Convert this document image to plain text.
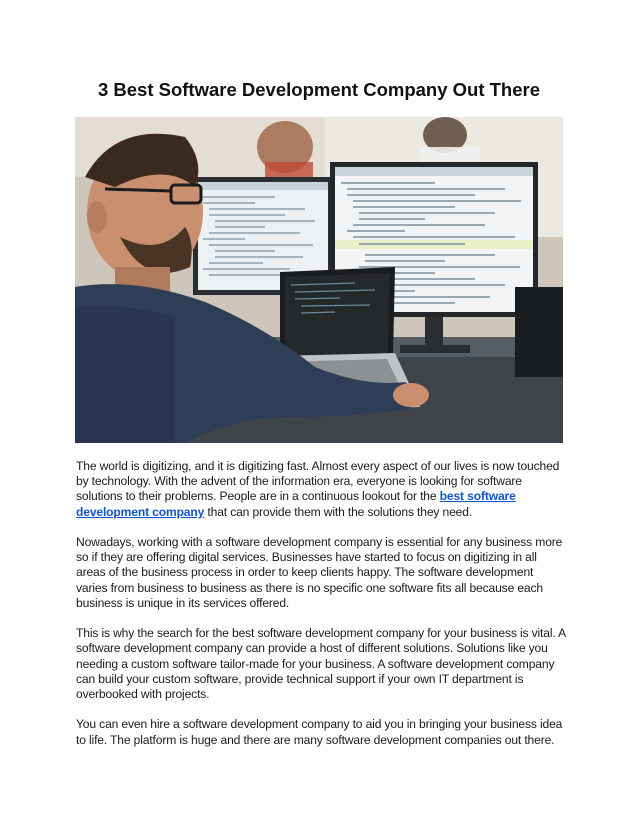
3 Best Software Development Company Out There

The world is digitizing, and it is digitizing fast. Almost every aspect of our lives is now touched by technology. With the advent of the information era, everyone is looking for software solutions to their problems. People are in a continuous lookout for the best software development company that can provide them with the solutions they need.

Nowadays, working with a software development company is essential for any business more so if they are offering digital services. Businesses have started to focus on digitizing in all areas of the business process in order to keep clients happy. The software development varies from business to business as there is no specific one software fits all because each business is unique in its services offered.

This is why the search for the best software development company for your business is vital. A software development company can provide a host of different solutions. Solutions like you needing a custom software tailor-made for your business. A software development company can build your custom software, provide technical support if your own IT department is overbooked with projects.

You can even hire a software development company to aid you in bringing your business idea to life. The platform is huge and there are many software development companies out there.
